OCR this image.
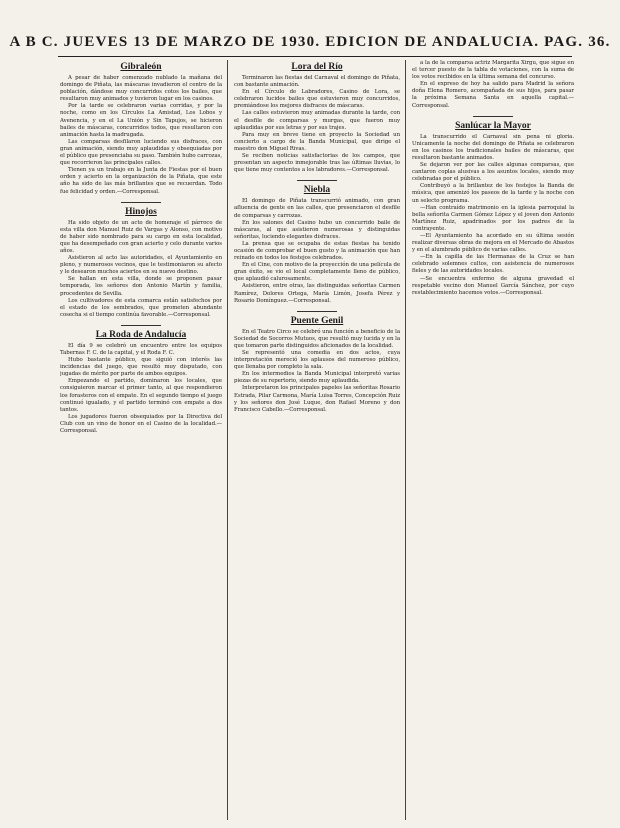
A B C. JUEVES 13 DE MARZO DE 1930. EDICION DE ANDALUCIA. PAG. 36.
Gibraleón

A pesar de haber comenzado nublado la mañana del domingo de Piñata, las máscaras invadieron el centro de la población, dándose muy concurridos cotos los bailes, que resultaron muy animados y tuvieron lugar en los casinos.

Por la tarde se celebraron varias corridas, y por la noche, como en los Círculos La Amistad, Los Lobos y Avenencia, y en el La Unión y Sin Tapujos, se hicieron bailes de máscaras, concurridos todos, que resultaron con animación hasta la madrugada.

Las comparsas desfilaron luciendo sus disfraces, con gran animación, siendo muy aplaudidas y obsequiadas por el público que presenciaba su paso. También hubo carrozas, que recorrieron las principales calles.

Tienen ya un trabajo en la Junta de Fiestas por el buen orden y acierto en la organización de la Piñata, que este año ha sido de las más brillantes que se recuerdan. Todo fue felicidad y orden.—Corresponsal.

Hinojos

Ha sido objeto de un acto de homenaje el párroco de esta villa don Manuel Ruiz de Vargas y Alonso, con motivo de haber sido nombrado para su cargo en esta localidad, que ha desempeñado con gran acierto y celo durante varios años.

Asistieron al acto las autoridades, el Ayuntamiento en pleno, y numerosos vecinos, que le testimoniaron su afecto y le desearon muchos aciertos en su nuevo destino.

Se hallan en esta villa, donde se proponen pasar temporada, los señores don Antonio Martín y familia, procedentes de Sevilla.

Los cultivadores de esta comarca están satisfechos por el estado de los sembrados, que prometen abundante cosecha si el tiempo continúa favorable.—Corresponsal.

La Roda de Andalucía

El día 9 se celebró un encuentro entre los equipos Tabernas F. C. de la capital, y el Roda F. C.

Hubo bastante público, que siguió con interés las incidencias del juego, que resultó muy disputado, con jugadas de mérito por parte de ambos equipos.

Empezando el partido, dominaron los locales, que consiguieron marcar el primer tanto, al que respondieron los forasteros con el empate. En el segundo tiempo el juego continuó igualado, y el partido terminó con empate a dos tantos.

Los jugadores fueron obsequiados por la Directiva del Club con un vino de honor en el Casino de la localidad.—Corresponsal.

Lora del Río

Terminaron las fiestas del Carnaval el domingo de Piñata, con bastante animación.

En el Círculo de Labradores, Casino de Lora, se celebraron lucidos bailes que estuvieron muy concurridos, premiándose los mejores disfraces de máscaras.

Las calles estuvieron muy animadas durante la tarde, con el desfile de comparsas y murgas, que fueron muy aplaudidas por sus letras y por sus trajes.

Para muy en breve tiene en proyecto la Sociedad un concierto a cargo de la Banda Municipal, que dirige el maestro don Miguel Rivas.

Se reciben noticias satisfactorias de los campos, que presentan un aspecto inmejorable tras las últimas lluvias, lo que tiene muy contentos a los labradores.—Corresponsal.

Niebla

El domingo de Piñata transcurrió animado, con gran afluencia de gente en las calles, que presenciaron el desfile de comparsas y carrozas.

En los salones del Casino hubo un concurrido baile de máscaras, al que asistieron numerosas y distinguidas señoritas, luciendo elegantes disfraces.

La prensa que se ocupaba de estas fiestas ha tenido ocasión de comprobar el buen gusto y la animación que han reinado en todos los festejos celebrados.

En el Cine, con motivo de la proyección de una película de gran éxito, se vio el local completamente lleno de público, que aplaudió calurosamente.

Asistieron, entre otras, las distinguidas señoritas Carmen Ramírez, Dolores Ortega, María Limón, Josefa Pérez y Rosario Domínguez.—Corresponsal.

Puente Genil

En el Teatro Circo se celebró una función a beneficio de la Sociedad de Socorros Mutuos, que resultó muy lucida y en la que tomaron parte distinguidos aficionados de la localidad.

Se representó una comedia en dos actos, cuya interpretación mereció los aplausos del numeroso público, que llenaba por completo la sala.

En los intermedios la Banda Municipal interpretó varias piezas de su repertorio, siendo muy aplaudida.

Interpretaron los principales papeles las señoritas Rosario Estrada, Pilar Carmona, María Luisa Torres, Concepción Ruiz y los señores don José Luque, don Rafael Moreno y don Francisco Cabello.—Corresponsal.

a la de la comparsa actriz Margarita Xirgu, que sigue en el tercer puesto de la tabla de votaciones, con la suma de los votos recibidos en la última semana del concurso.

En el expreso de hoy ha salido para Madrid la señora doña Elena Romero, acompañada de sus hijos, para pasar la próxima Semana Santa en aquella capital.—Corresponsal.

Sanlúcar la Mayor

La transcurrido el Carnaval sin pena ni gloria. Unicamente la noche del domingo de Piñata se celebraron en los casinos los tradicionales bailes de máscaras, que resultaron bastante animados.

Se dejaron ver por las calles algunas comparsas, que cantaron coplas alusivas a los asuntos locales, siendo muy celebradas por el público.

Contribuyó a la brillantez de los festejos la Banda de música, que amenizó los paseos de la tarde y la noche con un selecto programa.

—Han contraído matrimonio en la iglesia parroquial la bella señorita Carmen Gómez López y el joven don Antonio Martínez Ruiz, apadrinados por los padres de la contrayente.

—El Ayuntamiento ha acordado en su última sesión realizar diversas obras de mejora en el Mercado de Abastos y en el alumbrado público de varias calles.

—En la capilla de las Hermanas de la Cruz se han celebrado solemnes cultos, con asistencia de numerosos fieles y de las autoridades locales.

—Se encuentra enfermo de alguna gravedad el respetable vecino don Manuel García Sánchez, por cuyo restablecimiento hacemos votos.—Corresponsal.
